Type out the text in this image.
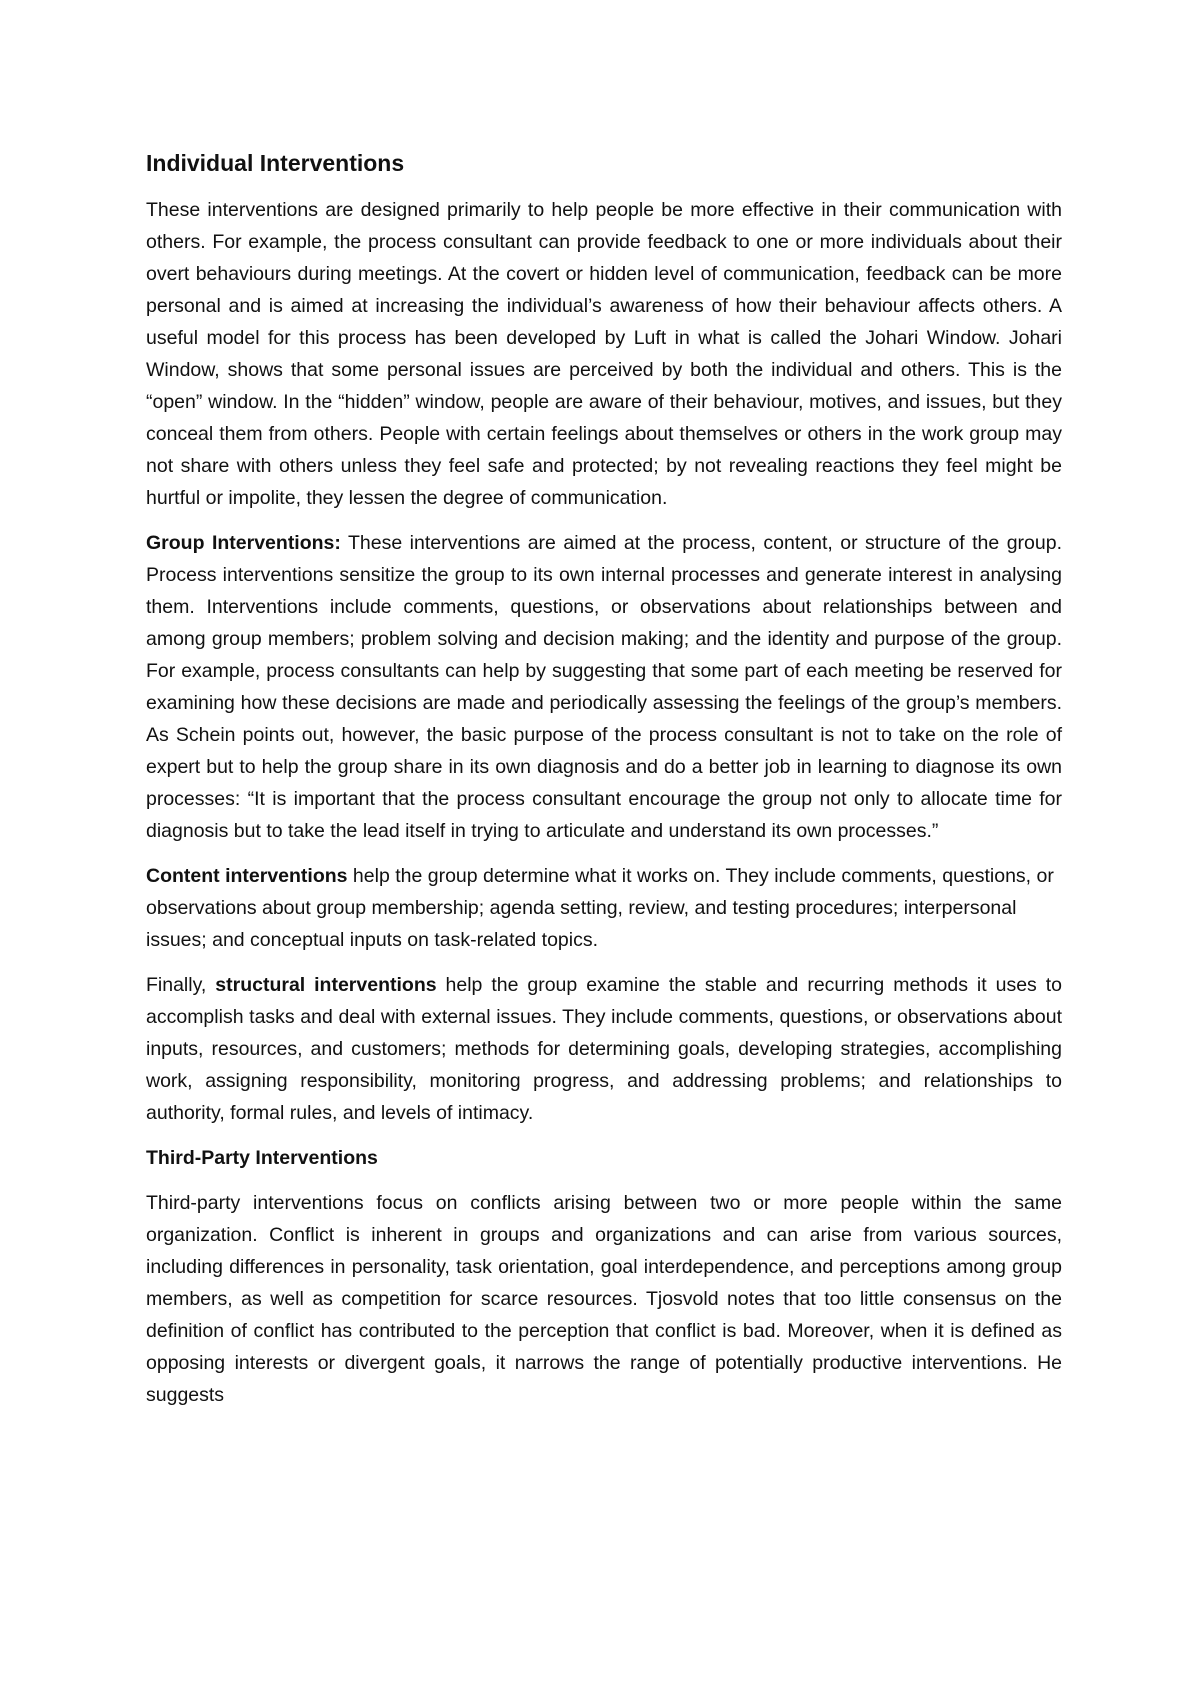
Individual Interventions

These interventions are designed primarily to help people be more effective in their communication with others. For example, the process consultant can provide feedback to one or more individuals about their overt behaviours during meetings. At the covert or hidden level of communication, feedback can be more personal and is aimed at increasing the individual’s awareness of how their behaviour affects others. A useful model for this process has been developed by Luft in what is called the Johari Window. Johari Window, shows that some personal issues are perceived by both the individual and others. This is the “open” window. In the “hidden” window, people are aware of their behaviour, motives, and issues, but they conceal them from others. People with certain feelings about themselves or others in the work group may not share with others unless they feel safe and protected; by not revealing reactions they feel might be hurtful or impolite, they lessen the degree of communication.

Group Interventions: These interventions are aimed at the process, content, or structure of the group. Process interventions sensitize the group to its own internal processes and generate interest in analysing them. Interventions include comments, questions, or observations about relationships between and among group members; problem solving and decision making; and the identity and purpose of the group. For example, process consultants can help by suggesting that some part of each meeting be reserved for examining how these decisions are made and periodically assessing the feelings of the group’s members. As Schein points out, however, the basic purpose of the process consultant is not to take on the role of expert but to help the group share in its own diagnosis and do a better job in learning to diagnose its own processes: “It is important that the process consultant encourage the group not only to allocate time for diagnosis but to take the lead itself in trying to articulate and understand its own processes.”

Content interventions help the group determine what it works on. They include comments, questions, or observations about group membership; agenda setting, review, and testing procedures; interpersonal issues; and conceptual inputs on task-related topics.

Finally, structural interventions help the group examine the stable and recurring methods it uses to accomplish tasks and deal with external issues. They include comments, questions, or observations about inputs, resources, and customers; methods for determining goals, developing strategies, accomplishing work, assigning responsibility, monitoring progress, and addressing problems; and relationships to authority, formal rules, and levels of intimacy.

Third-Party Interventions

Third-party interventions focus on conflicts arising between two or more people within the same organization. Conflict is inherent in groups and organizations and can arise from various sources, including differences in personality, task orientation, goal interdependence, and perceptions among group members, as well as competition for scarce resources. Tjosvold notes that too little consensus on the definition of conflict has contributed to the perception that conflict is bad. Moreover, when it is defined as opposing interests or divergent goals, it narrows the range of potentially productive interventions. He suggests
